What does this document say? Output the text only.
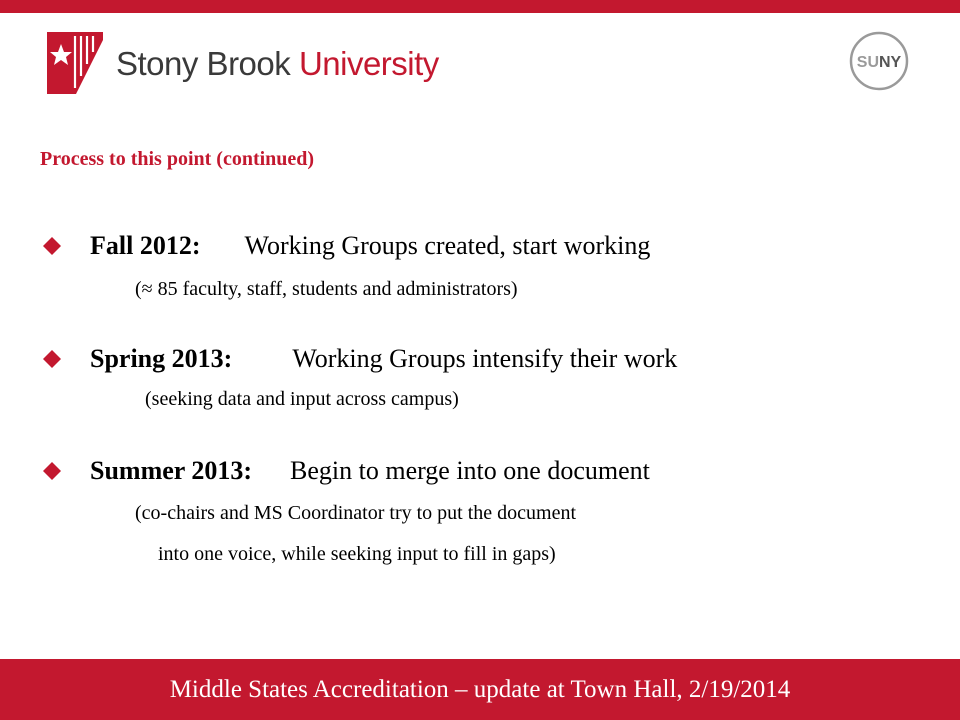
Stony Brook University	SUNY
Process to this point (continued)
Fall 2012: Working Groups created, start working
(≈ 85 faculty, staff, students and administrators)
Spring 2013: Working Groups intensify their work
(seeking data and input across campus)
Summer 2013: Begin to merge into one document
(co-chairs and MS Coordinator try to put the document
into one voice, while seeking input to fill in gaps)
Middle States Accreditation – update at Town Hall, 2/19/2014
